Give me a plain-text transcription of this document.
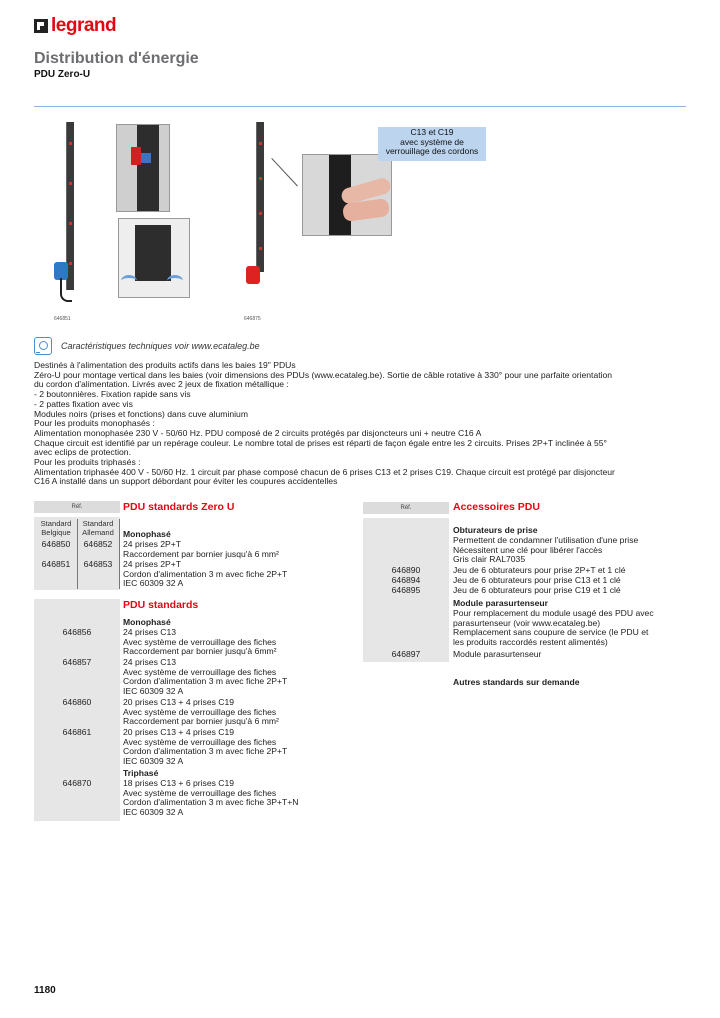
legrand
Distribution d'énergie
PDU Zero-U
646851	646875
C13 et C19
avec système de
verrouillage des cordons
Caractéristiques techniques voir www.ecataleg.be
Destinés à l'alimentation des produits actifs dans les baies 19" PDUs
Zéro-U pour montage vertical dans les baies (voir dimensions des PDUs (www.ecataleg.be). Sortie de câble rotative à 330° pour une parfaite orientation
du cordon d'alimentation. Livrés avec 2 jeux de fixation métallique :
- 2 boutonnières. Fixation rapide sans vis
- 2 pattes fixation avec vis
Modules noirs (prises et fonctions) dans cuve aluminium
Pour les produits monophasés :
Alimentation monophasée 230 V - 50/60 Hz. PDU composé de 2 circuits protégés par disjoncteurs uni + neutre C16 A
Chaque circuit est identifié par un repérage couleur. Le nombre total de prises est réparti de façon égale entre les 2 circuits. Prises 2P+T inclinée à 55°
avec eclips de protection.
Pour les produits triphasés :
Alimentation triphasée 400 V - 50/60 Hz. 1 circuit par phase composé chacun de 6 prises C13 et 2 prises C19. Chaque circuit est protégé par disjoncteur
C16 A installé dans un support débordant pour éviter les coupures accidentelles
Réf.	PDU standards Zero U
Standard
Belgique
Standard
Allemand	Monophasé
646850	646852	24 prises 2P+T
Raccordement par bornier jusqu'à 6 mm²
646851	646853	24 prises 2P+T
Cordon d'alimentation 3 m avec fiche 2P+T
IEC 60309 32 A
PDU standards
Monophasé
646856	24 prises C13
Avec système de verrouillage des fiches
Raccordement par bornier jusqu'à 6mm²
646857	24 prises C13
Avec système de verrouillage des fiches
Cordon d'alimentation 3 m avec fiche 2P+T
IEC 60309 32 A
646860	20 prises C13 + 4 prises C19
Avec système de verrouillage des fiches
Raccordement par bornier jusqu'à 6 mm²
646861	20 prises C13 + 4 prises C19
Avec système de verrouillage des fiches
Cordon d'alimentation 3 m avec fiche 2P+T
IEC 60309 32 A
Triphasé
646870	18 prises C13 + 6 prises C19
Avec système de verrouillage des fiches
Cordon d'alimentation 3 m avec fiche 3P+T+N
IEC 60309 32 A
Réf.	Accessoires PDU
Obturateurs de prise
Permettent de condamner l'utilisation d'une prise
Nécessitent une clé pour libérer l'accès
Gris clair RAL7035
646890	Jeu de 6 obturateurs pour prise 2P+T et 1 clé
646894	Jeu de 6 obturateurs pour prise C13 et 1 clé
646895	Jeu de 6 obturateurs pour prise C19 et 1 clé
Module parasurtenseur
Pour remplacement du module usagé des PDU avec
parasurtenseur (voir www.ecataleg.be)
Remplacement sans coupure de service (le PDU et
les produits raccordés restent alimentés)
646897	Module parasurtenseur
Autres standards sur demande
1180
